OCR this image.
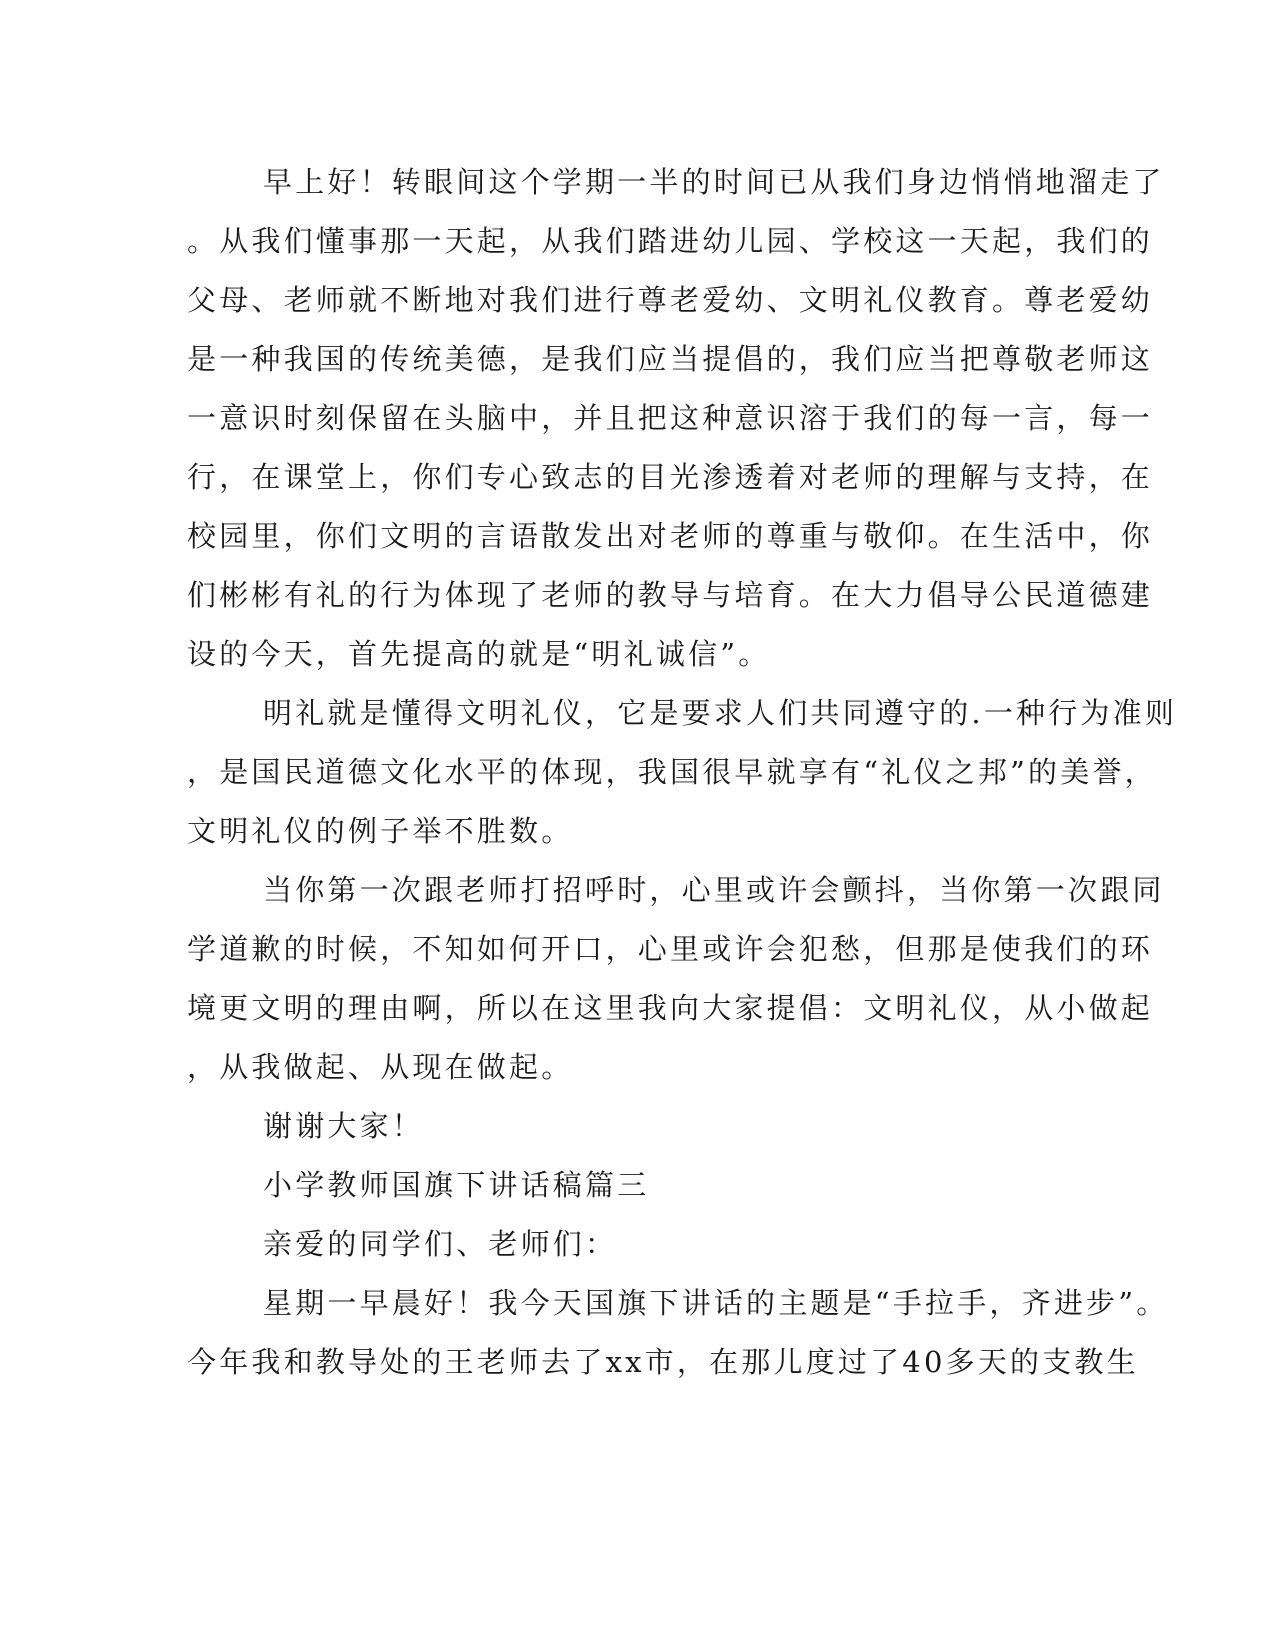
早上好！转眼间这个学期一半的时间已从我们身边悄悄地溜走了
。从我们懂事那一天起，从我们踏进幼儿园、学校这一天起，我们的
父母、老师就不断地对我们进行尊老爱幼、文明礼仪教育。尊老爱幼
是一种我国的传统美德，是我们应当提倡的，我们应当把尊敬老师这
一意识时刻保留在头脑中，并且把这种意识溶于我们的每一言，每一
行，在课堂上，你们专心致志的目光渗透着对老师的理解与支持，在
校园里，你们文明的言语散发出对老师的尊重与敬仰。在生活中，你
们彬彬有礼的行为体现了老师的教导与培育。在大力倡导公民道德建
设的今天，首先提高的就是“明礼诚信”。
明礼就是懂得文明礼仪，它是要求人们共同遵守的.一种行为准则
，是国民道德文化水平的体现，我国很早就享有“礼仪之邦”的美誉，
文明礼仪的例子举不胜数。
当你第一次跟老师打招呼时，心里或许会颤抖，当你第一次跟同
学道歉的时候，不知如何开口，心里或许会犯愁，但那是使我们的环
境更文明的理由啊，所以在这里我向大家提倡：文明礼仪，从小做起
，从我做起、从现在做起。
谢谢大家！
小学教师国旗下讲话稿篇三
亲爱的同学们、老师们：
星期一早晨好！我今天国旗下讲话的主题是“手拉手，齐进步”。
今年我和教导处的王老师去了xx市，在那儿度过了40多天的支教生
